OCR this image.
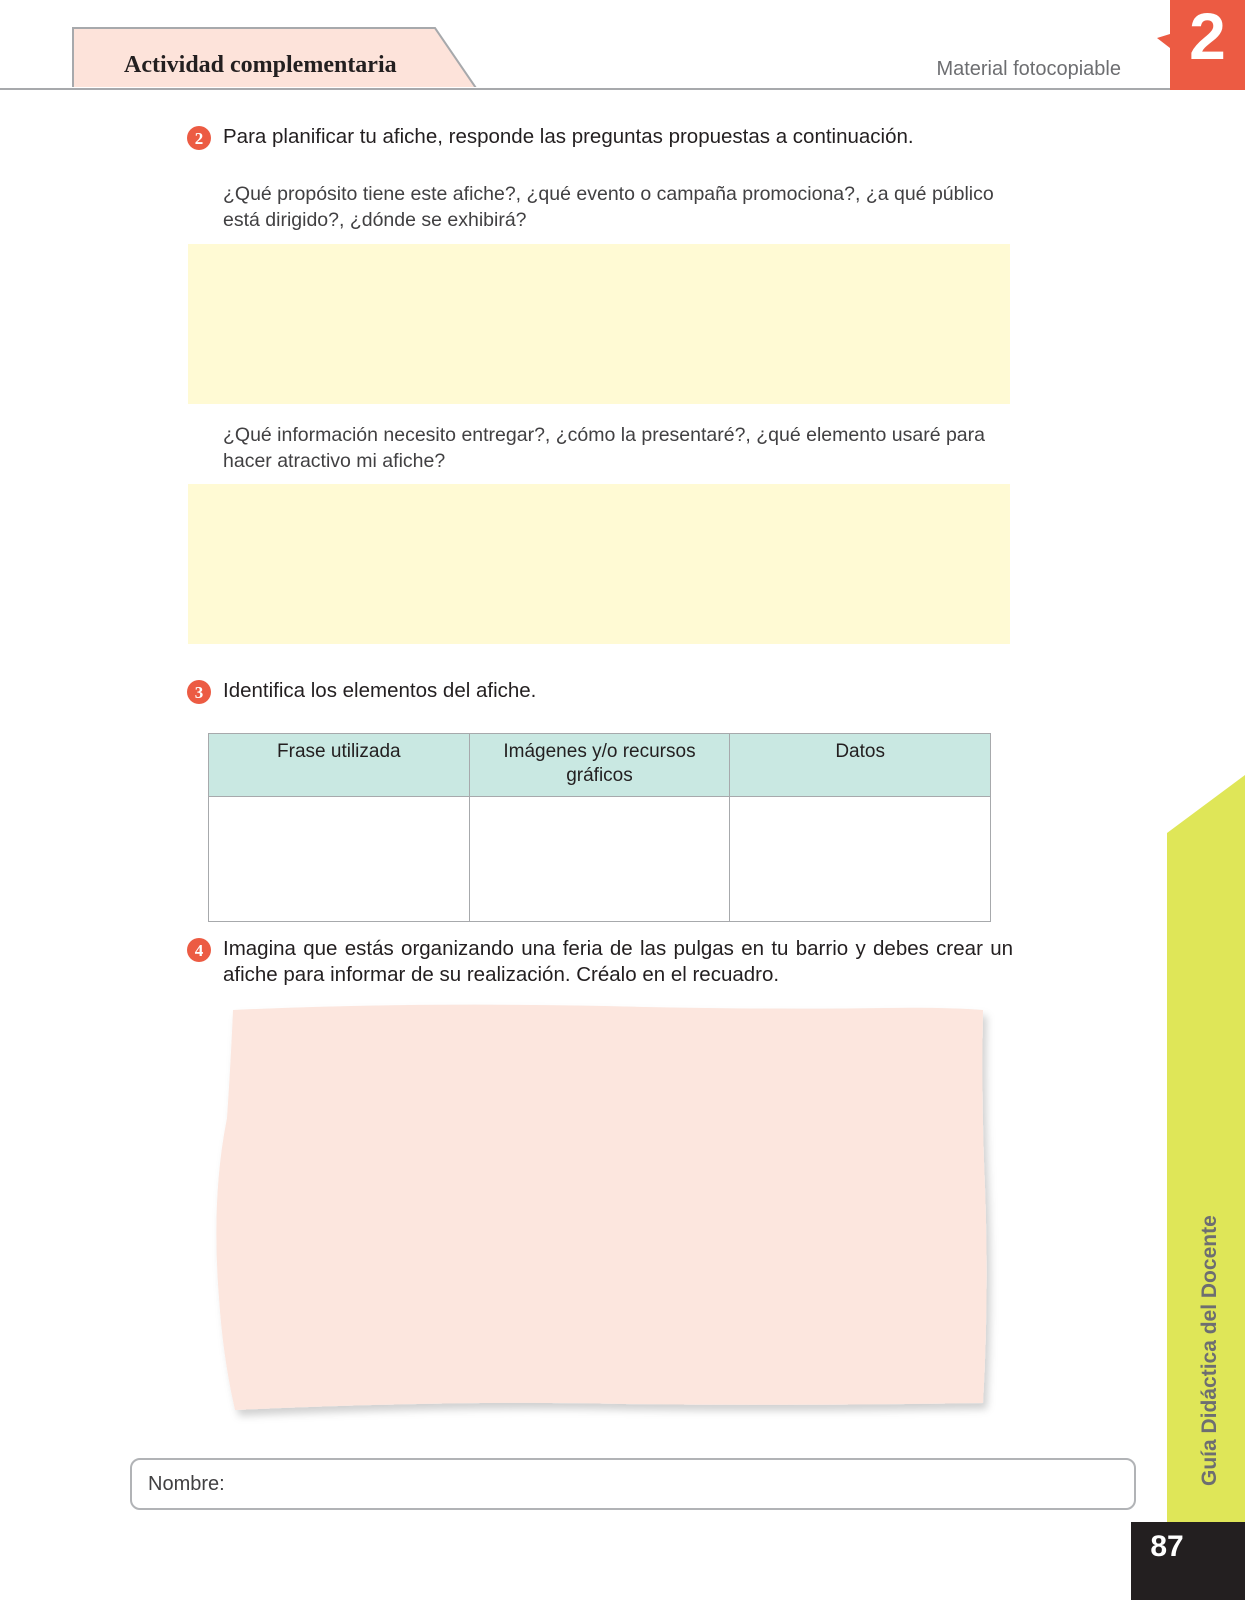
Actividad complementaria	Material fotocopiable 2
2 Para planificar tu afiche, responde las preguntas propuestas a continuación.
¿Qué propósito tiene este afiche?, ¿qué evento o campaña promociona?, ¿a qué público está dirigido?, ¿dónde se exhibirá?
¿Qué información necesito entregar?, ¿cómo la presentaré?, ¿qué elemento usaré para hacer atractivo mi afiche?
3 Identifica los elementos del afiche.
Frase utilizada	Imágenes y/o recursos gráficos	Datos

4 Imagina que estás organizando una feria de las pulgas en tu barrio y debes crear un afiche para informar de su realización. Créalo en el recuadro.
Nombre:	Guía Didáctica del Docente
87
